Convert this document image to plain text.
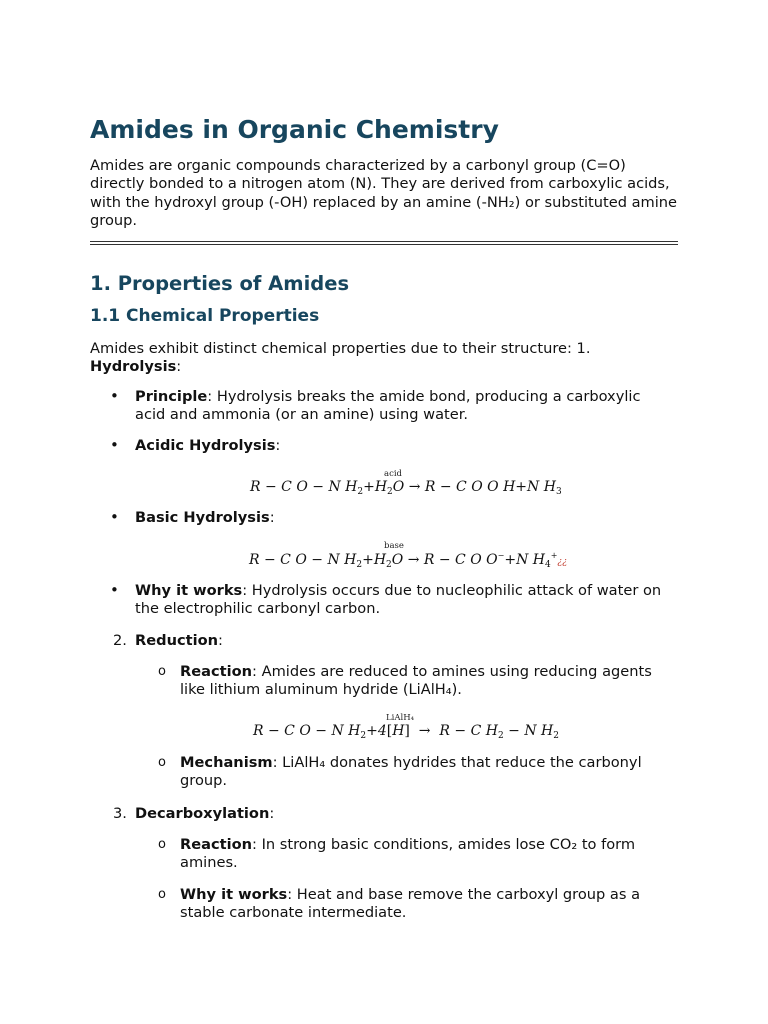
Amides in Organic Chemistry

Amides are organic compounds characterized by a carbonyl group (C=O) directly bonded to a nitrogen atom (N). They are derived from carboxylic acids, with the hydroxyl group (-OH) replaced by an amine (-NH₂) or substituted amine group.

1. Properties of Amides
1.1 Chemical Properties

Amides exhibit distinct chemical properties due to their structure: 1. Hydrolysis:

• Principle: Hydrolysis breaks the amide bond, producing a carboxylic acid and ammonia (or an amine) using water.
• Acidic Hydrolysis:
acid
R − C O − N $H_2+H_2O \to R - C$ O O H+N $H_3$
• Basic Hydrolysis:
base
R − C O − N $H_2+H_2O \to R - C$ O O−+N $H_4^+¿¿$
• Why it works: Hydrolysis occurs due to nucleophilic attack of water on the electrophilic carbonyl carbon.
2. Reduction:
o Reaction: Amides are reduced to amines using reducing agents like lithium aluminum hydride (LiAlH₄).
LiAlH₄
R − C O − N $H_2+4[H] \to R - C$ $H_2 - N$ $H_2$
o Mechanism: LiAlH₄ donates hydrides that reduce the carbonyl group.
3. Decarboxylation:
o Reaction: In strong basic conditions, amides lose CO₂ to form amines.
o Why it works: Heat and base remove the carboxyl group as a stable carbonate intermediate.
